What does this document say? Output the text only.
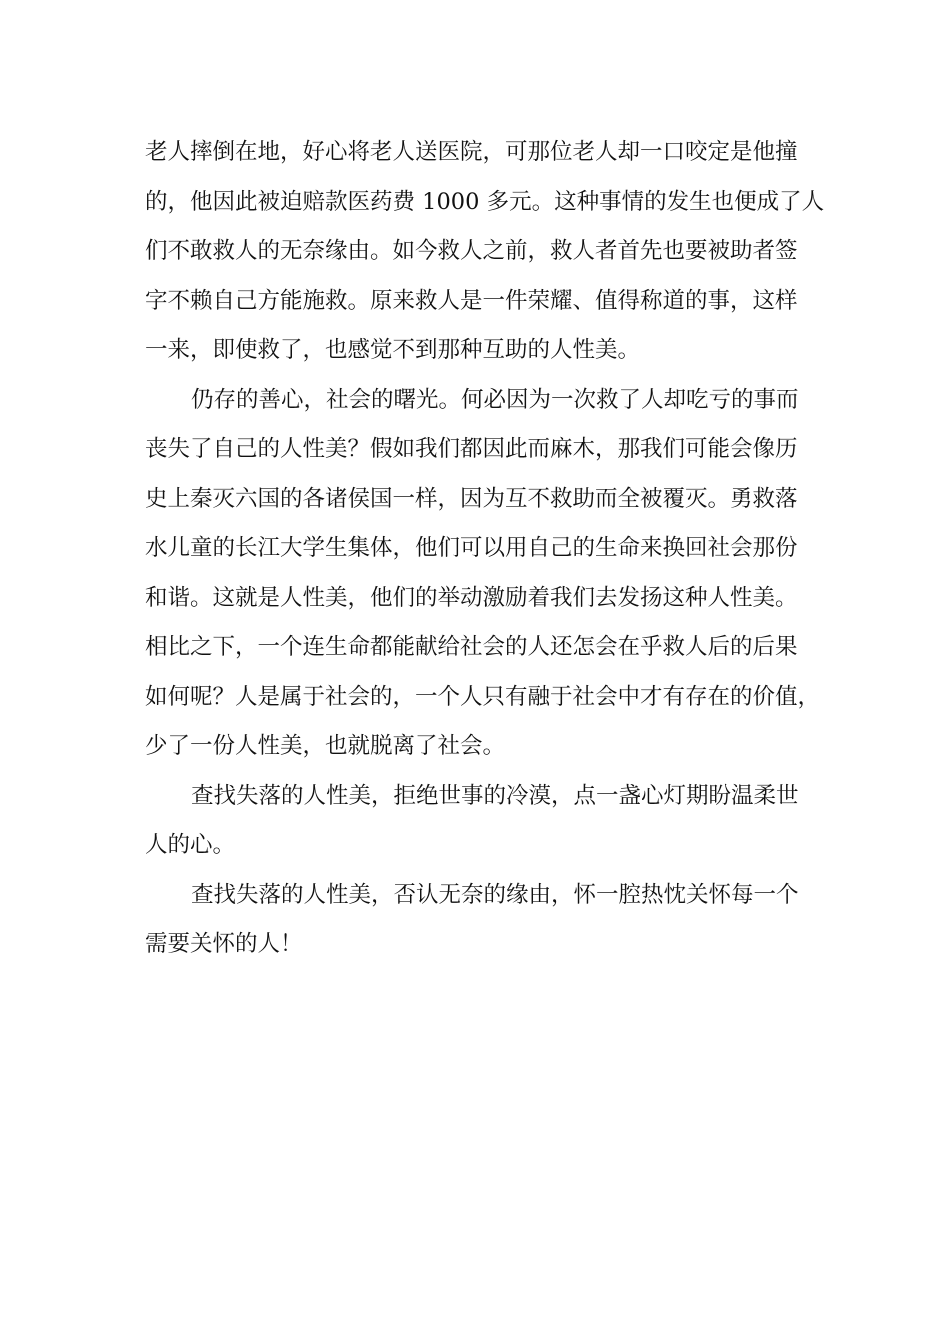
老人摔倒在地，好心将老人送医院，可那位老人却一口咬定是他撞
的，他因此被迫赔款医药费 1000 多元。这种事情的发生也便成了人
们不敢救人的无奈缘由。如今救人之前，救人者首先也要被助者签
字不赖自己方能施救。原来救人是一件荣耀、值得称道的事，这样
一来，即使救了，也感觉不到那种互助的人性美。
仍存的善心，社会的曙光。何必因为一次救了人却吃亏的事而
丧失了自己的人性美？假如我们都因此而麻木，那我们可能会像历
史上秦灭六国的各诸侯国一样，因为互不救助而全被覆灭。勇救落
水儿童的长江大学生集体，他们可以用自己的生命来换回社会那份
和谐。这就是人性美，他们的举动激励着我们去发扬这种人性美。
相比之下，一个连生命都能献给社会的人还怎会在乎救人后的后果
如何呢？人是属于社会的，一个人只有融于社会中才有存在的价值，
少了一份人性美，也就脱离了社会。
查找失落的人性美，拒绝世事的冷漠，点一盏心灯期盼温柔世
人的心。
查找失落的人性美，否认无奈的缘由，怀一腔热忱关怀每一个
需要关怀的人！
